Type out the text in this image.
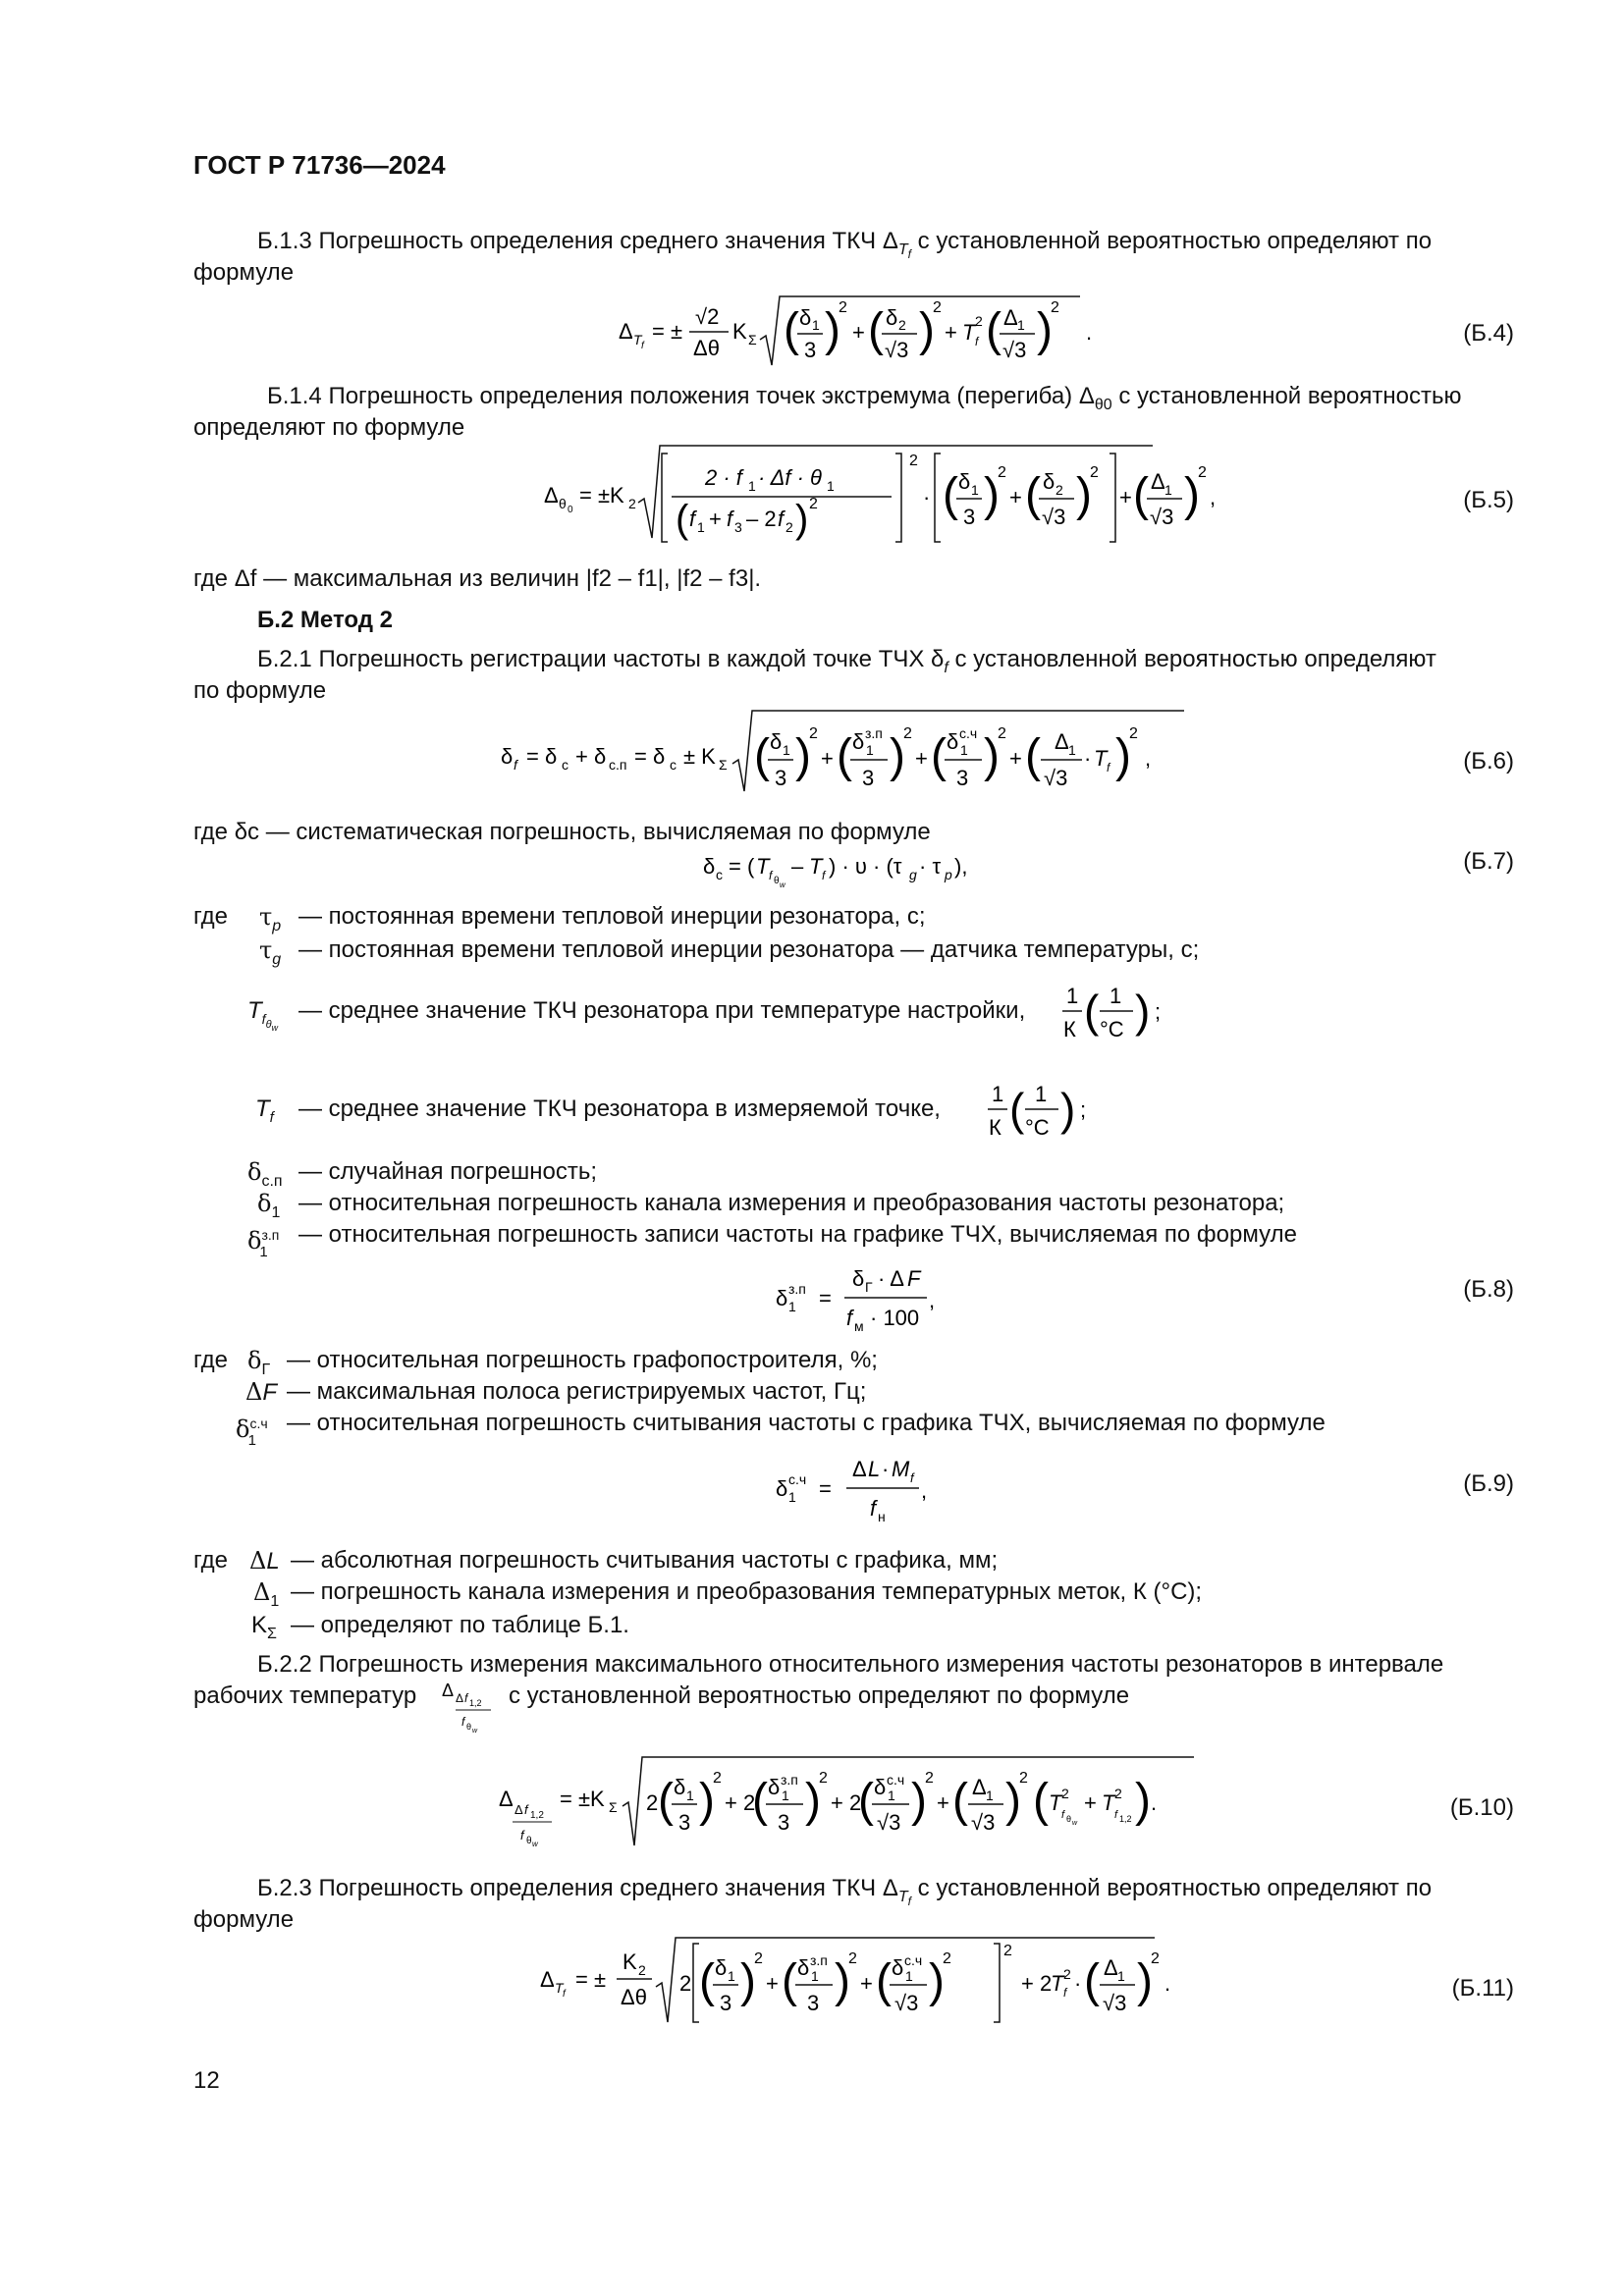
ГОСТ Р 71736—2024
Б.1.3 Погрешность определения среднего значения ТКЧ $\Delta_{T_f}$ с установленной вероятностью определяют по
формуле
Δ T f
= ±
√2
Δθ
K Σ ( δ 1
3 )
2
+ ( δ 2
√3 )
2
+ T f
2 ( Δ 1
√3 )
2
.	(Б.4)
Б.1.4 Погрешность определения положения точек экстремума (перегиба) $\Delta_{\theta 0}$ с установленной вероятностью
определяют по формуле
Δ θ 0
= ±K 2
2
2 · f 1 · Δf · θ 1
( f 1 + f 3 – 2 f 2 ) 2	· ( δ 1
3 )
2
+ ( δ 2
√3 )
2
+ ( Δ 1
√3 )
2
,	(Б.5)
где Δf — максимальная из величин |f2 – f1|, |f2 – f3|.
Б.2 Метод 2
Б.2.1 Погрешность регистрации частоты в каждой точке ТЧХ $\delta_f$ с установленной вероятностью определяют
по формуле
δ f = δ с + δ с.п = δ с ± K Σ ( δ 1
3 )
2
+ ( δ 1
з.п
3 )
2
+ ( δ 1
с.ч
3 )
2
+ ( Δ 1
√3
· T f )
2
,	(Б.6)
где δс — систематическая погрешность, вычисляемая по формуле
δ с = ( T f θ w
– T f ) · υ · (τ g · τ p ),	(Б.7)
где $\tau_p$ — постоянная времени тепловой инерции резонатора, с;
$\tau_g$ — постоянная времени тепловой инерции резонатора — датчика температуры, с;
$T_{f_{\theta_w}}$
— среднее значение ТКЧ резонатора при температуре настройки,
1
К ( 1
°С ) ;
$T_f$ — среднее значение ТКЧ резонатора в измеряемой точке,
1
К ( 1
°С ) ;
$\delta_{с.п}$ — случайная погрешность;
$\delta_1$ — относительная погрешность канала измерения и преобразования частоты резонатора;
$\delta^{з.п}_1$
— относительная погрешность записи частоты на графике ТЧХ, вычисляемая по формуле
δ 1
з.п =
δ Г · Δ F
f м · 100
,	(Б.8)
где $\delta_Г$ — относительная погрешность графопостроителя, %;
ΔF — максимальная полоса регистрируемых частот, Гц;
$\delta^{с.ч}_1$
— относительная погрешность считывания частоты с графика ТЧХ, вычисляемая по формуле
δ 1
с.ч =
Δ L · M f
f н
,	(Б.9)
где ΔL — абсолютная погрешность считывания частоты с графика, мм;
$\Delta_1$ — погрешность канала измерения и преобразования температурных меток, К (°С);
$K_\Sigma$ — определяют по таблице Б.1.
Б.2.2 Погрешность измерения максимального относительного измерения частоты резонаторов в интервале
рабочих температур Δ Δ f 1,2
f θ w
с установленной вероятностью определяют по формуле
Δ Δ f 1,2
f θ w
= ±K Σ 2 ( δ 1
3 )
2
+ 2
( δ 1
з.п
3 )
2
+ 2
( δ 1
с.ч
√3 )
2
+ ( Δ 1
√3 )
2 ( T f θ w
2 + T f 1,2
2 ) .	(Б.10)
Б.2.3 Погрешность определения среднего значения ТКЧ $\Delta_{T_f}$ с установленной вероятностью определяют по
формуле
Δ T f
= ±
K 2
Δθ
2 ( δ 1
3 )
2
+ ( δ 1
з.п
3 )
2
+ ( δ 1
с.ч
√3 )
2	2
+ 2
T f
2 · ( Δ 1
√3 )
2
.	(Б.11)
12
